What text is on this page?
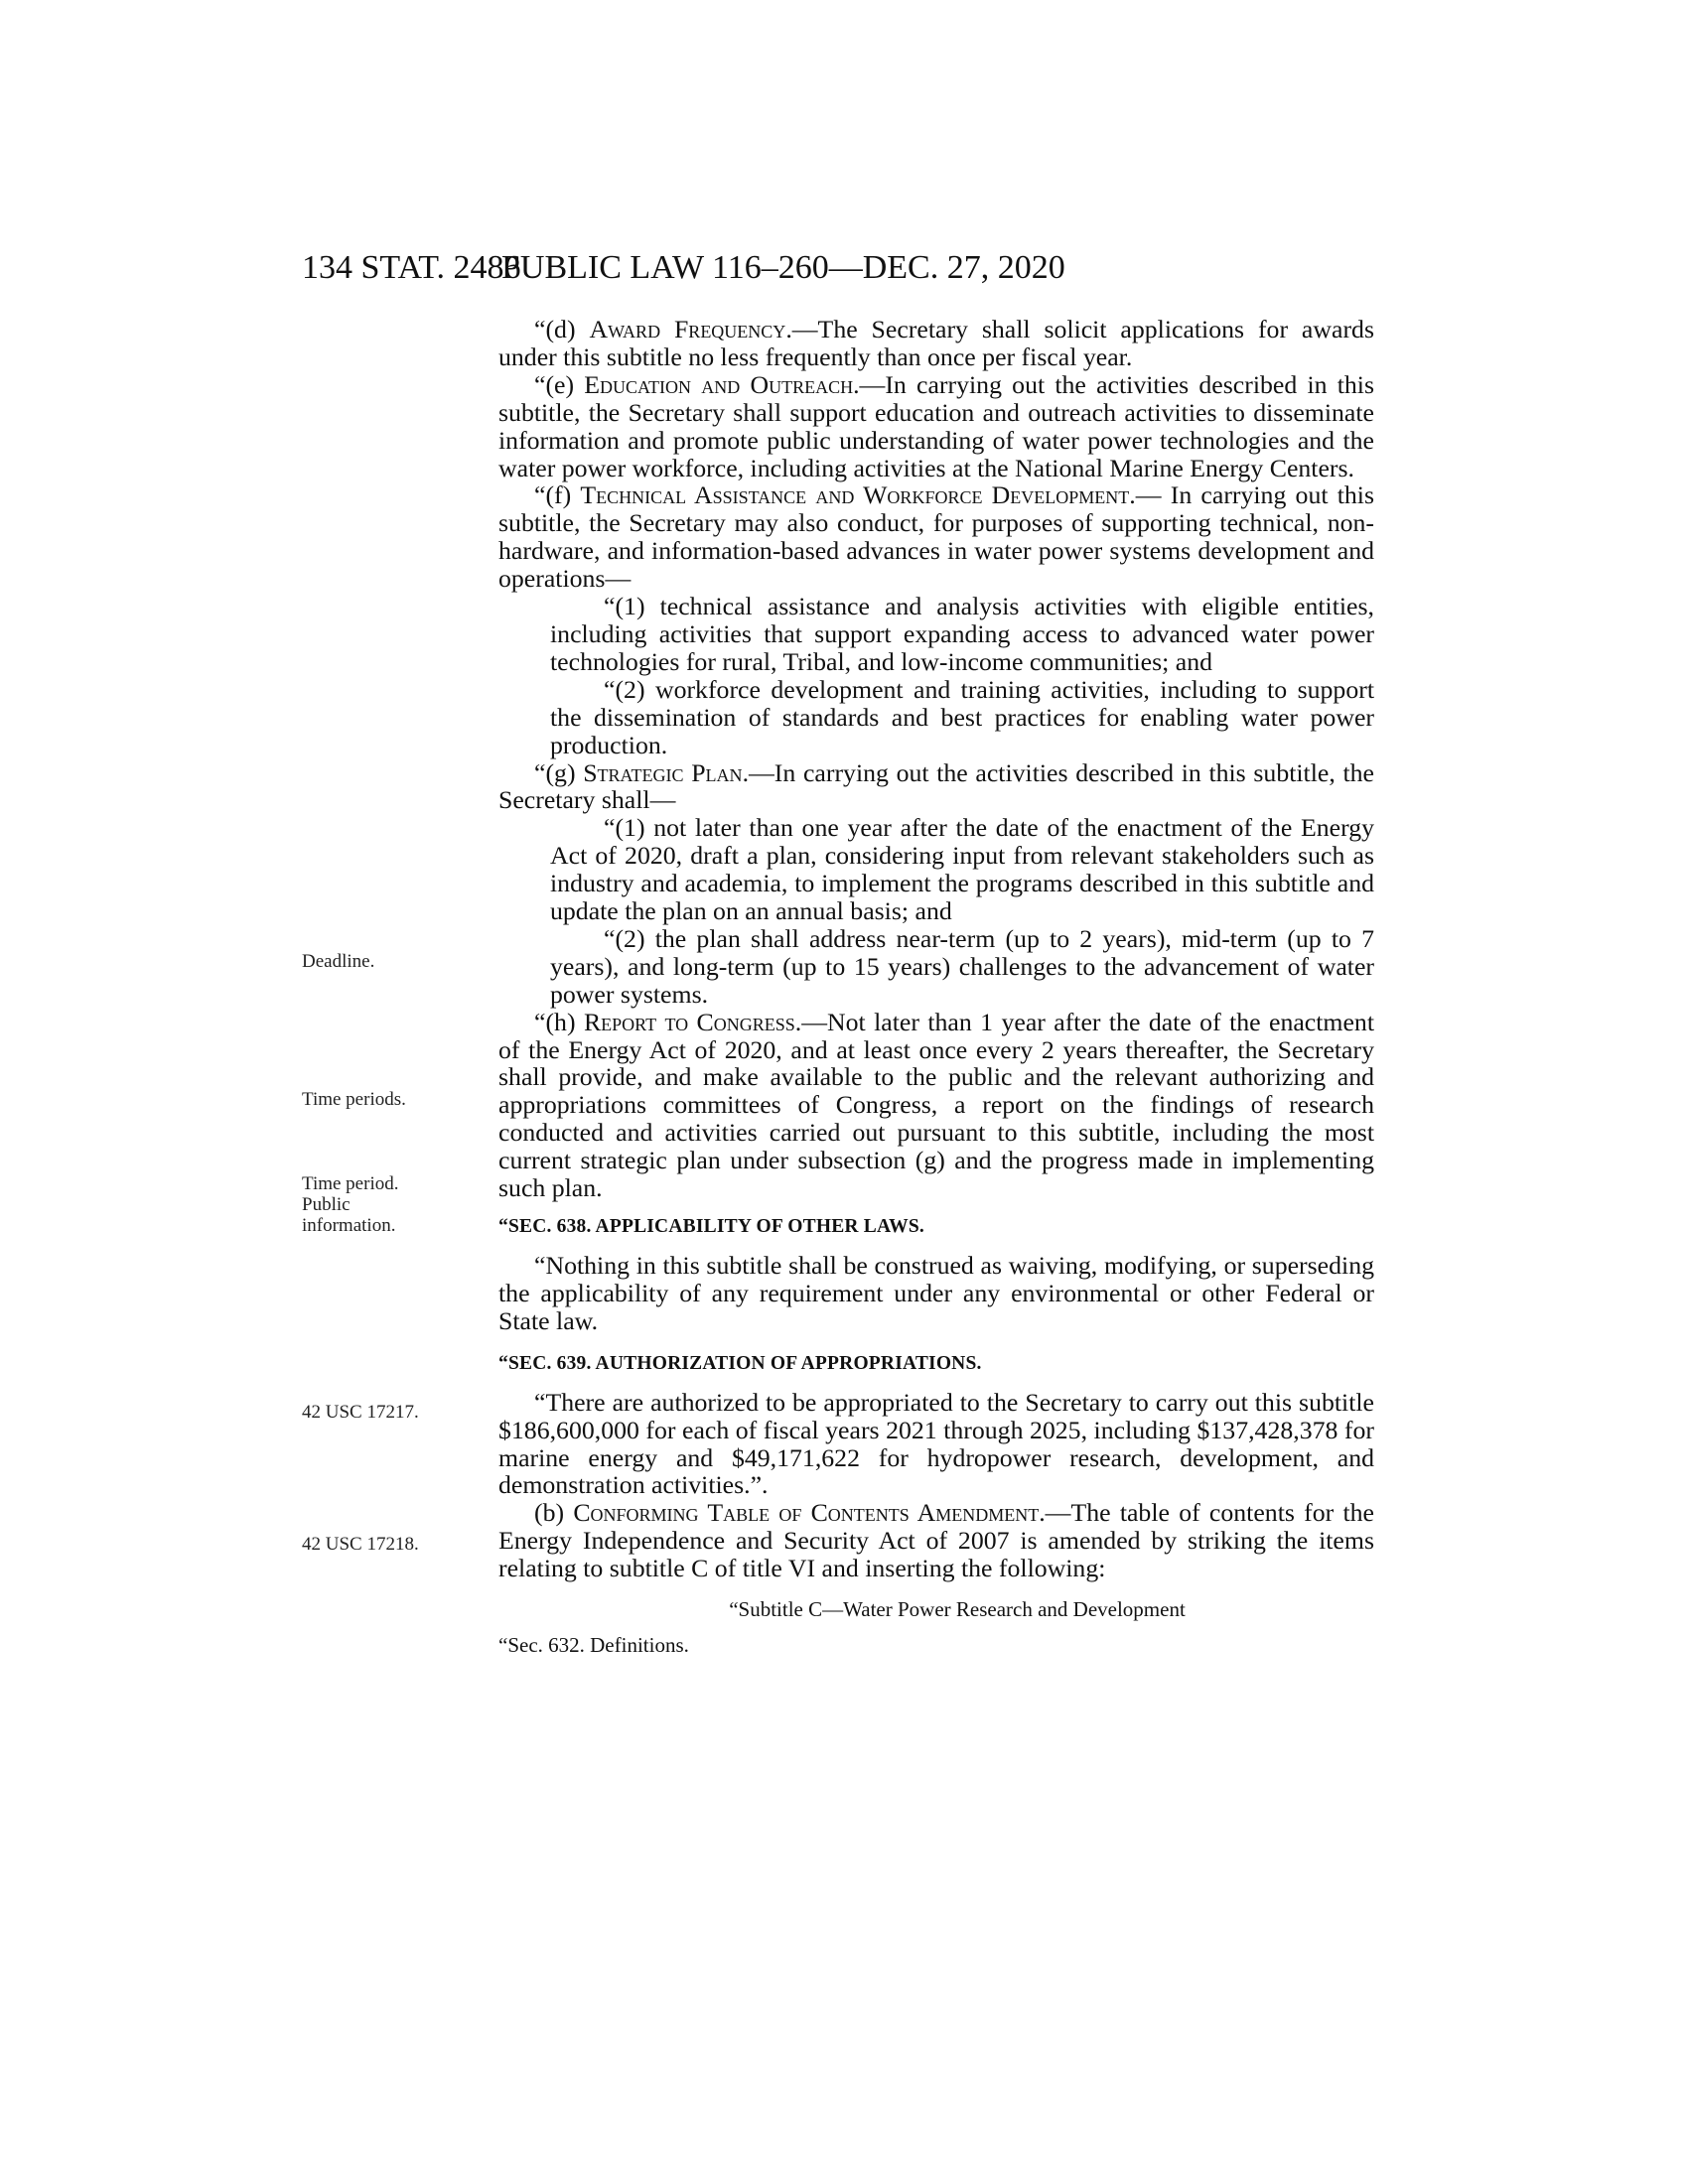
134 STAT. 2486
PUBLIC LAW 116–260—DEC. 27, 2020
Deadline.
Time periods.
Time period.
Public
information.
42 USC 17217.
42 USC 17218.

“(d) Award Frequency.—The Secretary shall solicit applications for awards under this subtitle no less frequently than once per fiscal year.

“(e) Education and Outreach.—In carrying out the activities described in this subtitle, the Secretary shall support education and outreach activities to disseminate information and promote public understanding of water power technologies and the water power workforce, including activities at the National Marine Energy Centers.

“(f) Technical Assistance and Workforce Development.— In carrying out this subtitle, the Secretary may also conduct, for purposes of supporting technical, non-hardware, and information-based advances in water power systems development and operations—

“(1) technical assistance and analysis activities with eligible entities, including activities that support expanding access to advanced water power technologies for rural, Tribal, and low-income communities; and

“(2) workforce development and training activities, including to support the dissemination of standards and best practices for enabling water power production.

“(g) Strategic Plan.—In carrying out the activities described in this subtitle, the Secretary shall—

“(1) not later than one year after the date of the enactment of the Energy Act of 2020, draft a plan, considering input from relevant stakeholders such as industry and academia, to implement the programs described in this subtitle and update the plan on an annual basis; and

“(2) the plan shall address near-term (up to 2 years), mid-term (up to 7 years), and long-term (up to 15 years) challenges to the advancement of water power systems.

“(h) Report to Congress.—Not later than 1 year after the date of the enactment of the Energy Act of 2020, and at least once every 2 years thereafter, the Secretary shall provide, and make available to the public and the relevant authorizing and appropriations committees of Congress, a report on the findings of research conducted and activities carried out pursuant to this subtitle, including the most current strategic plan under subsection (g) and the progress made in implementing such plan.

“SEC. 638. APPLICABILITY OF OTHER LAWS.

“Nothing in this subtitle shall be construed as waiving, modifying, or superseding the applicability of any requirement under any environmental or other Federal or State law.

“SEC. 639. AUTHORIZATION OF APPROPRIATIONS.

“There are authorized to be appropriated to the Secretary to carry out this subtitle $186,600,000 for each of fiscal years 2021 through 2025, including $137,428,378 for marine energy and $49,171,622 for hydropower research, development, and demonstration activities.”.

(b) Conforming Table of Contents Amendment.—The table of contents for the Energy Independence and Security Act of 2007 is amended by striking the items relating to subtitle C of title VI and inserting the following:

“Subtitle C—Water Power Research and Development

“Sec. 632. Definitions.
